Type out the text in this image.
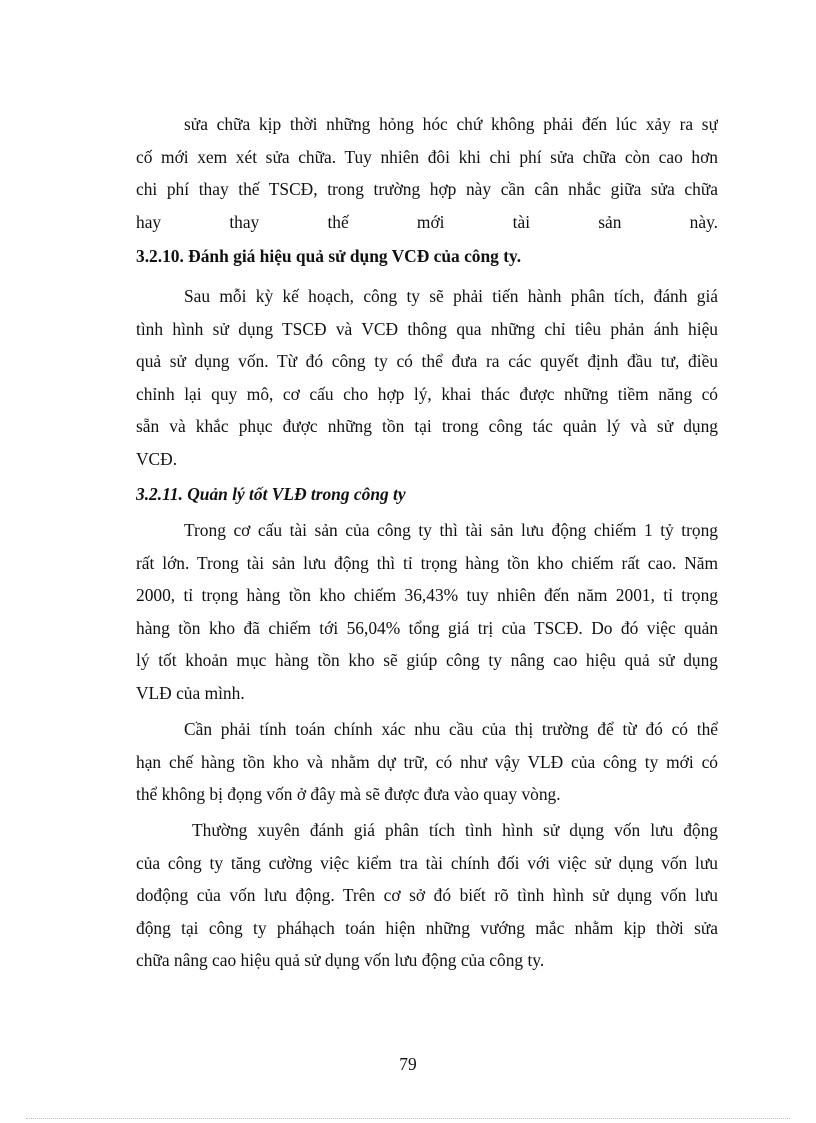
sửa chữa kịp thời những hỏng hóc chứ không phải đến lúc xảy ra sự
cố mới xem xét sửa chữa. Tuy nhiên đôi khi chi phí sửa chữa còn cao hơn
chi phí thay thế TSCĐ, trong trường hợp này cần cân nhắc giữa sửa chữa
hay thay thế mới tài sản này.
3.2.10. Đánh giá hiệu quả sử dụng VCĐ của công ty.
Sau mỗi kỳ kế hoạch, công ty sẽ phải tiến hành phân tích, đánh giá
tình hình sử dụng TSCĐ và VCĐ thông qua những chỉ tiêu phản ánh hiệu
quả sử dụng vốn. Từ đó công ty có thể đưa ra các quyết định đầu tư, điều
chỉnh lại quy mô, cơ cấu cho hợp lý, khai thác được những tiềm năng có
sẵn và khắc phục được những tồn tại trong công tác quản lý và sử dụng
VCĐ.
3.2.11. Quản lý tốt VLĐ trong công ty
Trong cơ cấu tài sản của công ty thì tài sản lưu động chiếm 1 tỷ trọng
rất lớn. Trong tài sản lưu động thì tỉ trọng hàng tồn kho chiếm rất cao. Năm
2000, tỉ trọng hàng tồn kho chiếm 36,43% tuy nhiên đến năm 2001, tỉ trọng
hàng tồn kho đã chiếm tới 56,04% tổng giá trị của TSCĐ. Do đó việc quản
lý tốt khoản mục hàng tồn kho sẽ giúp công ty nâng cao hiệu quả sử dụng
VLĐ của mình.
Cần phải tính toán chính xác nhu cầu của thị trường để từ đó có thể
hạn chế hàng tồn kho và nhằm dự trữ, có như vậy VLĐ của công ty mới có
thể không bị đọng vốn ở đây mà sẽ được đưa vào quay vòng.
Thường xuyên đánh giá phân tích tình hình sử dụng vốn lưu động
của công ty tăng cường việc kiểm tra tài chính đối với việc sử dụng vốn lưu
dođộng của vốn lưu động. Trên cơ sở đó biết rõ tình hình sử dụng vốn lưu
động tại công ty pháhạch toán hiện những vướng mắc nhằm kịp thời sửa
chữa nâng cao hiệu quả sử dụng vốn lưu động của công ty.
79
